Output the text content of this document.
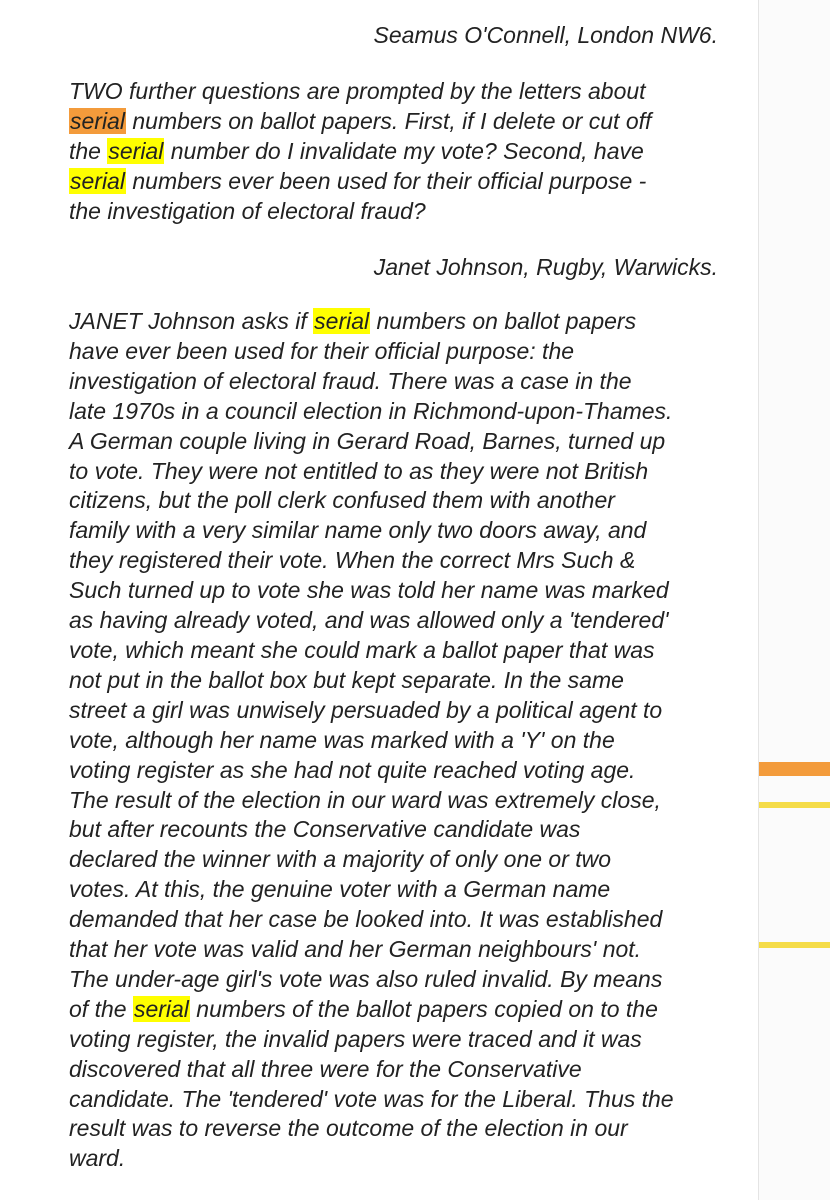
Seamus O'Connell, London NW6.

TWO further questions are prompted by the letters about
serial numbers on ballot papers. First, if I delete or cut off
the serial number do I invalidate my vote? Second, have
serial numbers ever been used for their official purpose -
the investigation of electoral fraud?

Janet Johnson, Rugby, Warwicks.

JANET Johnson asks if serial numbers on ballot papers
have ever been used for their official purpose: the
investigation of electoral fraud. There was a case in the
late 1970s in a council election in Richmond-upon-Thames.
A German couple living in Gerard Road, Barnes, turned up
to vote. They were not entitled to as they were not British
citizens, but the poll clerk confused them with another
family with a very similar name only two doors away, and
they registered their vote. When the correct Mrs Such &
Such turned up to vote she was told her name was marked
as having already voted, and was allowed only a 'tendered'
vote, which meant she could mark a ballot paper that was
not put in the ballot box but kept separate. In the same
street a girl was unwisely persuaded by a political agent to
vote, although her name was marked with a 'Y' on the
voting register as she had not quite reached voting age.
The result of the election in our ward was extremely close,
but after recounts the Conservative candidate was
declared the winner with a majority of only one or two
votes. At this, the genuine voter with a German name
demanded that her case be looked into. It was established
that her vote was valid and her German neighbours' not.
The under-age girl's vote was also ruled invalid. By means
of the serial numbers of the ballot papers copied on to the
voting register, the invalid papers were traced and it was
discovered that all three were for the Conservative
candidate. The 'tendered' vote was for the Liberal. Thus the
result was to reverse the outcome of the election in our
ward.
